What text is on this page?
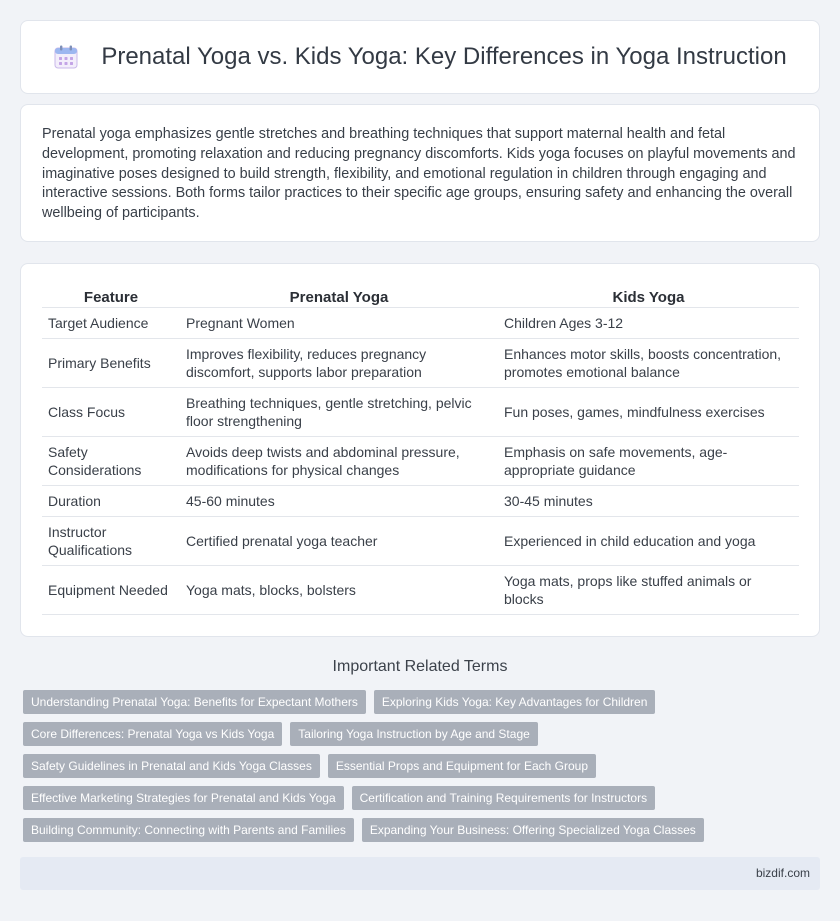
Prenatal Yoga vs. Kids Yoga: Key Differences in Yoga Instruction

Prenatal yoga emphasizes gentle stretches and breathing techniques that support maternal health and fetal development, promoting relaxation and reducing pregnancy discomforts. Kids yoga focuses on playful movements and imaginative poses designed to build strength, flexibility, and emotional regulation in children through engaging and interactive sessions. Both forms tailor practices to their specific age groups, ensuring safety and enhancing the overall wellbeing of participants.

Feature	Prenatal Yoga	Kids Yoga
Target Audience	Pregnant Women	Children Ages 3-12
Primary Benefits	Improves flexibility, reduces pregnancy discomfort, supports labor preparation	Enhances motor skills, boosts concentration, promotes emotional balance
Class Focus	Breathing techniques, gentle stretching, pelvic floor strengthening	Fun poses, games, mindfulness exercises
Safety Considerations	Avoids deep twists and abdominal pressure, modifications for physical changes	Emphasis on safe movements, age-appropriate guidance
Duration	45-60 minutes	30-45 minutes
Instructor Qualifications	Certified prenatal yoga teacher	Experienced in child education and yoga
Equipment Needed	Yoga mats, blocks, bolsters	Yoga mats, props like stuffed animals or blocks
Important Related Terms
Understanding Prenatal Yoga: Benefits for Expectant Mothers	Exploring Kids Yoga: Key Advantages for Children
Core Differences: Prenatal Yoga vs Kids Yoga	Tailoring Yoga Instruction by Age and Stage
Safety Guidelines in Prenatal and Kids Yoga Classes	Essential Props and Equipment for Each Group
Effective Marketing Strategies for Prenatal and Kids Yoga	Certification and Training Requirements for Instructors
Building Community: Connecting with Parents and Families	Expanding Your Business: Offering Specialized Yoga Classes
bizdif.com
